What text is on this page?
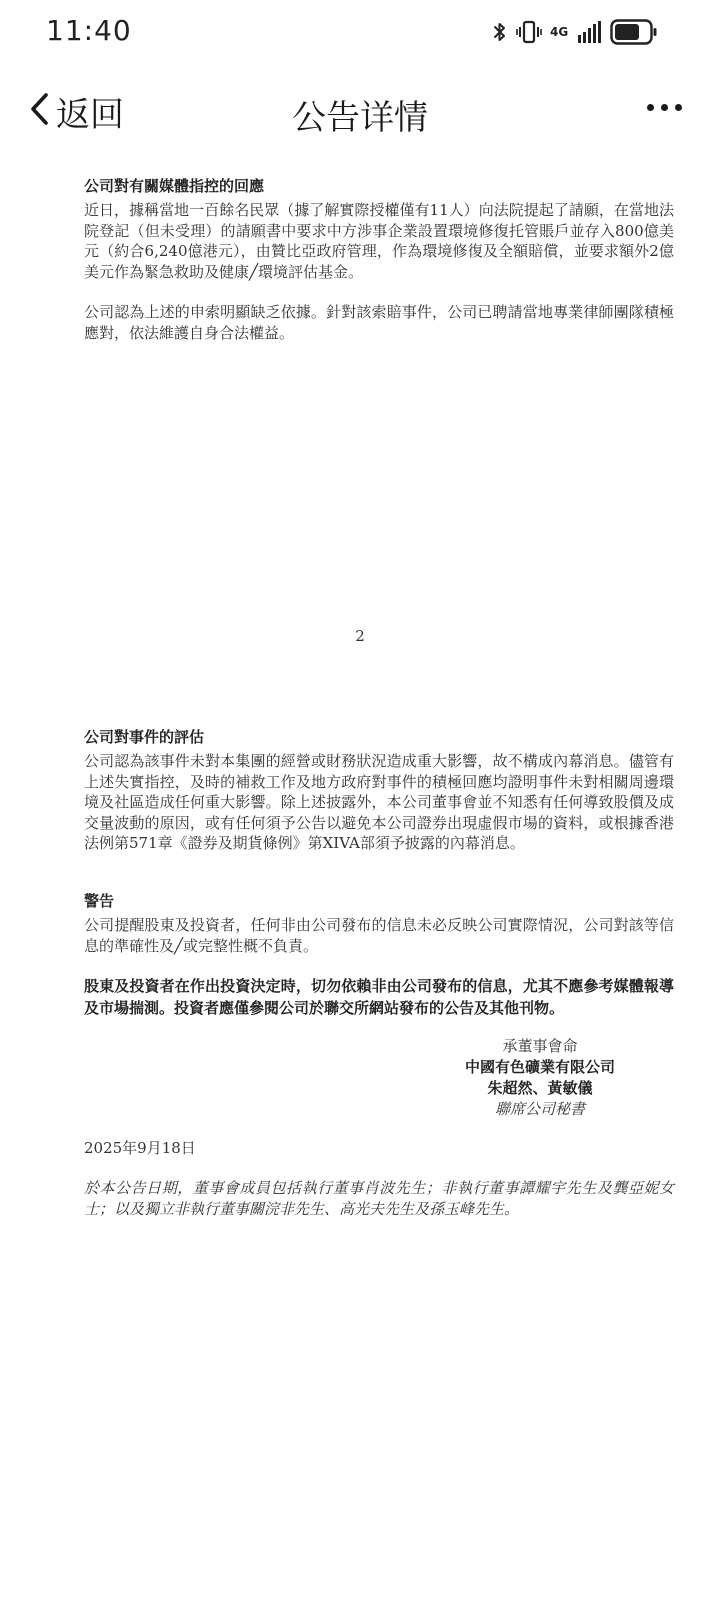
11:40	4G
返回	公告详情
公司對有關媒體指控的回應

近日，據稱當地一百餘名民眾（據了解實際授權僅有11人）向法院提起了請願，在當地法院登記（但未受理）的請願書中要求中方涉事企業設置環境修復托管賬戶並存入800億美元（約合6,240億港元），由贊比亞政府管理，作為環境修復及全額賠償，並要求額外2億美元作為緊急救助及健康╱環境評估基金。

公司認為上述的申索明顯缺乏依據。針對該索賠事件，公司已聘請當地專業律師團隊積極應對，依法維護自身合法權益。

2
公司對事件的評估

公司認為該事件未對本集團的經營或財務狀況造成重大影響，故不構成內幕消息。儘管有上述失實指控，及時的補救工作及地方政府對事件的積極回應均證明事件未對相關周邊環境及社區造成任何重大影響。除上述披露外，本公司董事會並不知悉有任何導致股價及成交量波動的原因，或有任何須予公告以避免本公司證券出現虛假市場的資料，或根據香港法例第571章《證券及期貨條例》第XIVA部須予披露的內幕消息。

警告

公司提醒股東及投資者，任何非由公司發布的信息未必反映公司實際情況，公司對該等信息的準確性及╱或完整性概不負責。

股東及投資者在作出投資決定時，切勿依賴非由公司發布的信息，尤其不應參考媒體報導及市場揣測。投資者應僅參閱公司於聯交所網站發布的公告及其他刊物。

承董事會命
中國有色礦業有限公司
朱超然、黃敏儀
聯席公司秘書
2025年9月18日

於本公告日期，董事會成員包括執行董事肖波先生；非執行董事譚耀宇先生及龔亞妮女士；以及獨立非執行董事關浣非先生、高光夫先生及孫玉峰先生。
